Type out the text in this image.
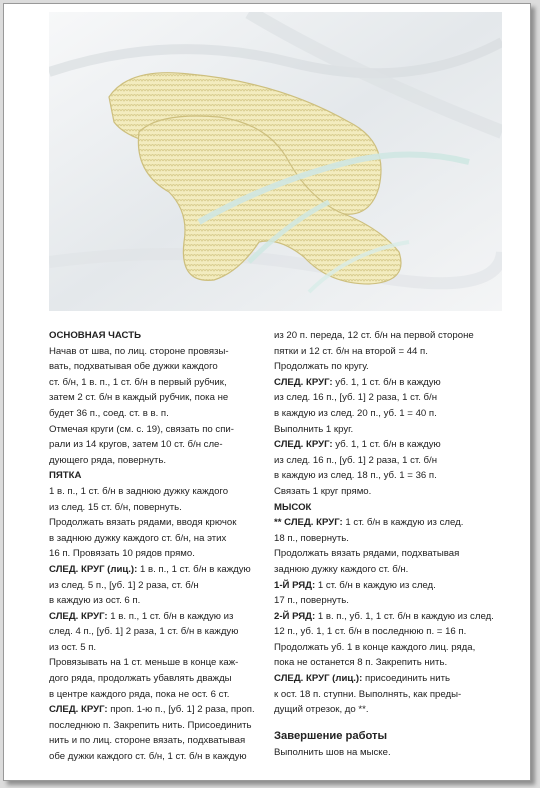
ОСНОВНАЯ ЧАСТЬ
Начав от шва, по лиц. стороне провязы-
вать, подхватывая обе дужки каждого
ст. б/н, 1 в. п., 1 ст. б/н в первый рубчик,
затем 2 ст. б/н в каждый рубчик, пока не
будет 36 п., соед. ст. в в. п.
Отмечая круги (см. с. 19), связать по спи-
рали из 14 кругов, затем 10 ст. б/н сле-
дующего ряда, повернуть.
ПЯТКА
1 в. п., 1 ст. б/н в заднюю дужку каждого
из след. 15 ст. б/н, повернуть.
Продолжать вязать рядами, вводя крючок
в заднюю дужку каждого ст. б/н, на этих
16 п. Провязать 10 рядов прямо.
СЛЕД. КРУГ (лиц.): 1 в. п., 1 ст. б/н в каждую
из след. 5 п., [уб. 1] 2 раза, ст. б/н
в каждую из ост. 6 п.
СЛЕД. КРУГ: 1 в. п., 1 ст. б/н в каждую из
след. 4 п., [уб. 1] 2 раза, 1 ст. б/н в каждую
из ост. 5 п.
Провязывать на 1 ст. меньше в конце каж-
дого ряда, продолжать убавлять дважды
в центре каждого ряда, пока не ост. 6 ст.
СЛЕД. КРУГ: проп. 1-ю п., [уб. 1] 2 раза, проп.
последнюю п. Закрепить нить. Присоединить
нить и по лиц. стороне вязать, подхватывая
обе дужки каждого ст. б/н, 1 ст. б/н в каждую
из 20 п. переда, 12 ст. б/н на первой стороне
пятки и 12 ст. б/н на второй = 44 п.
Продолжать по кругу.
СЛЕД. КРУГ: уб. 1, 1 ст. б/н в каждую
из след. 16 п., [уб. 1] 2 раза, 1 ст. б/н
в каждую из след. 20 п., уб. 1 = 40 п.
Выполнить 1 круг.
СЛЕД. КРУГ: уб. 1, 1 ст. б/н в каждую
из след. 16 п., [уб. 1] 2 раза, 1 ст. б/н
в каждую из след. 18 п., уб. 1 = 36 п.
Связать 1 круг прямо.
МЫСОК
** СЛЕД. КРУГ: 1 ст. б/н в каждую из след.
18 п., повернуть.
Продолжать вязать рядами, подхватывая
заднюю дужку каждого ст. б/н.
1-Й РЯД: 1 ст. б/н в каждую из след.
17 п., повернуть.
2-Й РЯД: 1 в. п., уб. 1, 1 ст. б/н в каждую из след.
12 п., уб. 1, 1 ст. б/н в последнюю п. = 16 п.
Продолжать уб. 1 в конце каждого лиц. ряда,
пока не останется 8 п. Закрепить нить.
СЛЕД. КРУГ (лиц.): присоединить нить
к ост. 18 п. ступни. Выполнять, как преды-
дущий отрезок, до **.
Завершение работы
Выполнить шов на мыске.
